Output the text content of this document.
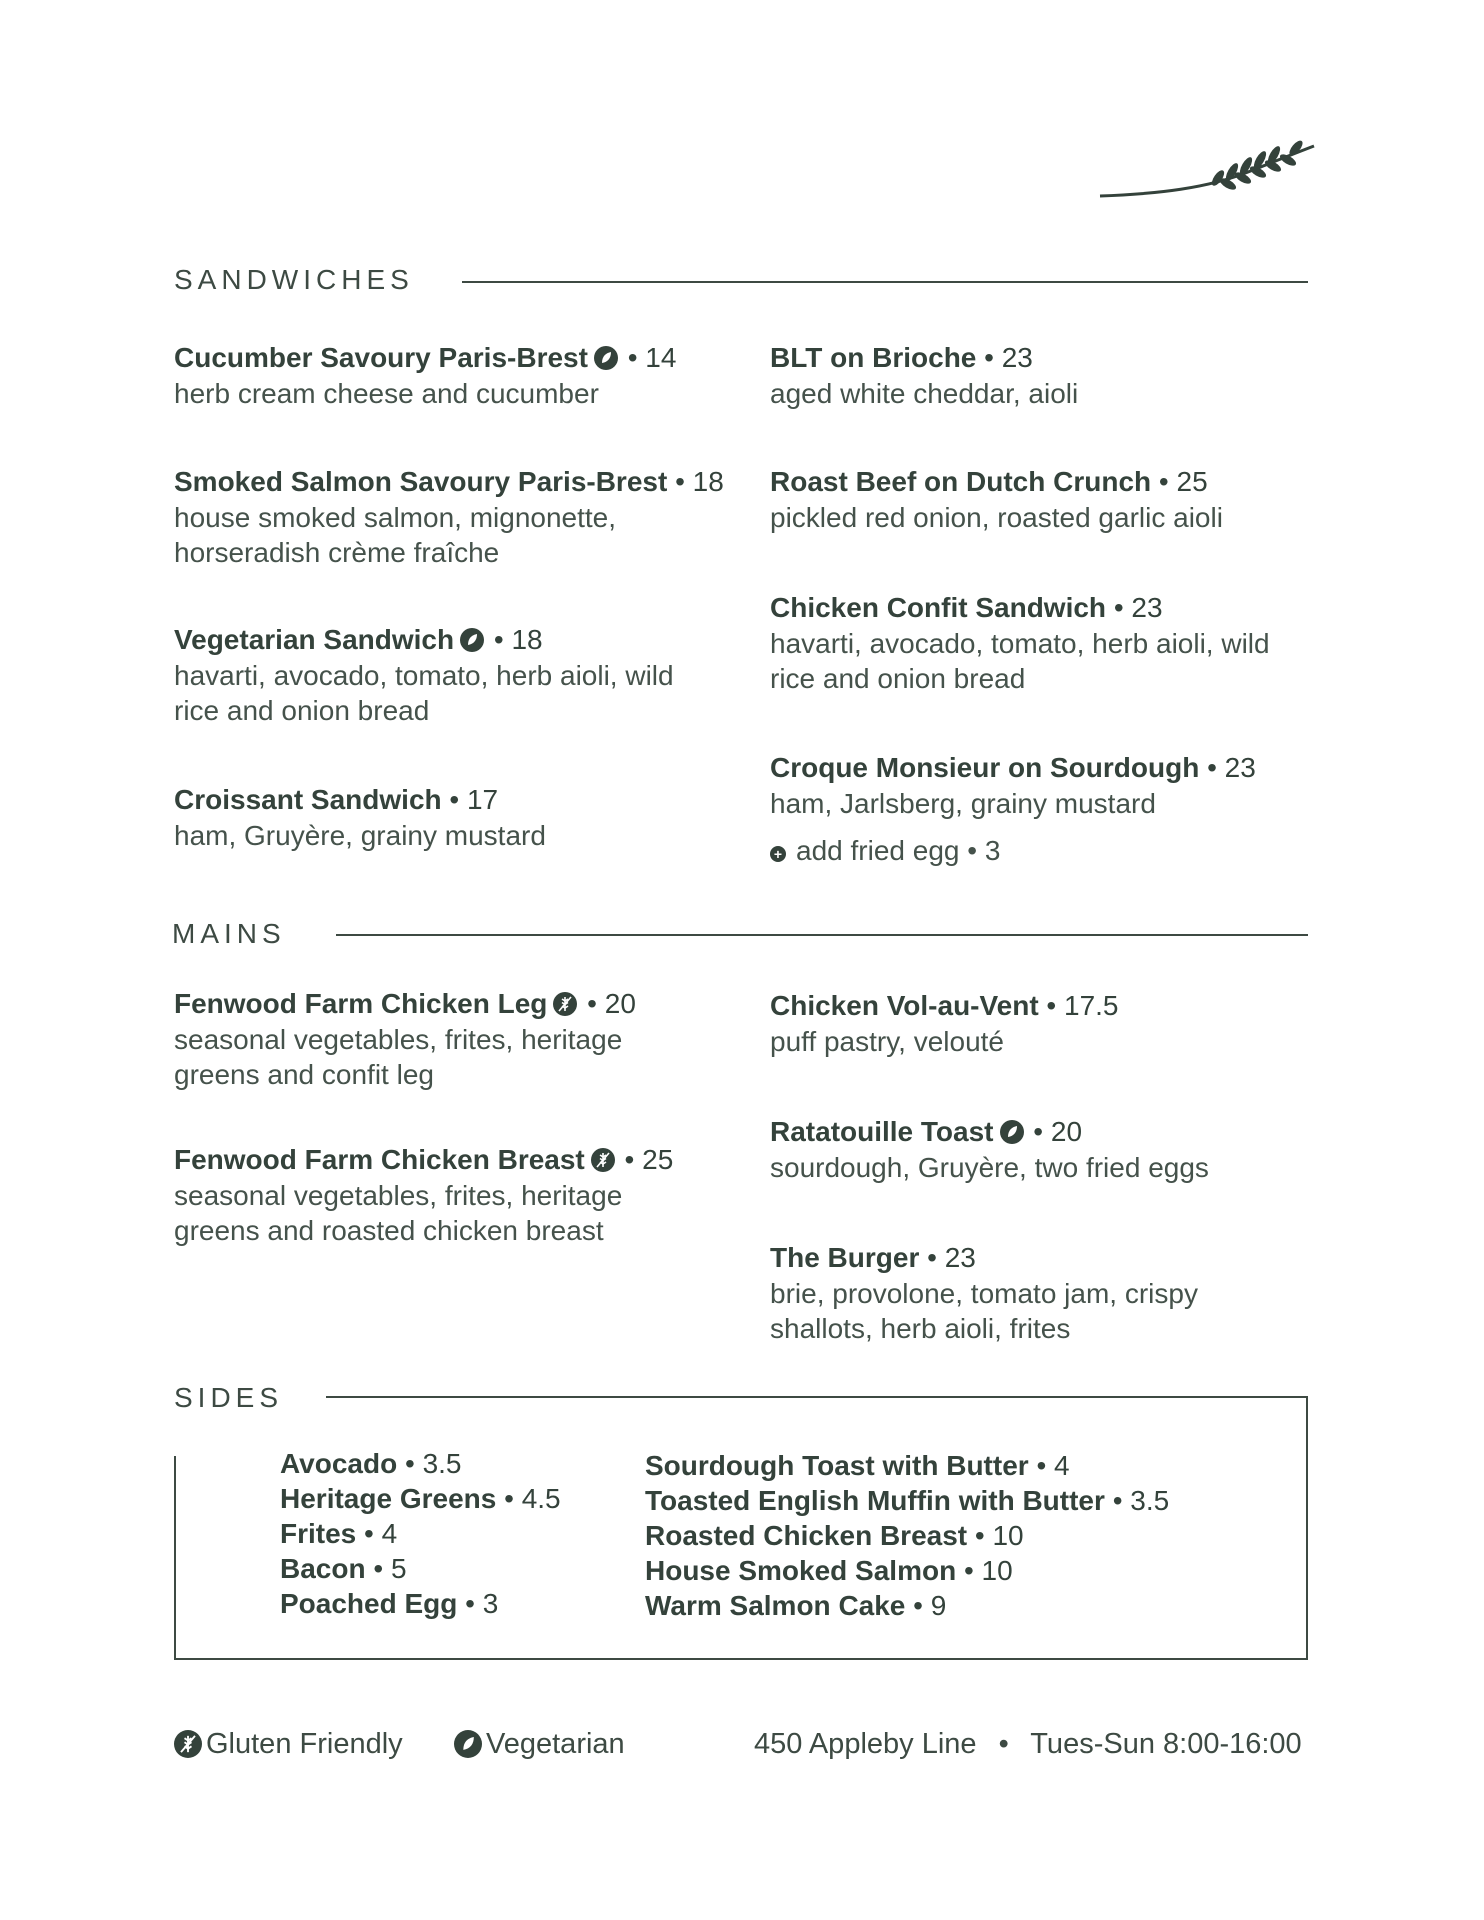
SANDWICHES
Cucumber Savoury Paris-Brest • 14
herb cream cheese and cucumber
Smoked Salmon Savoury Paris-Brest • 18
house smoked salmon, mignonette, horseradish crème fraîche
Vegetarian Sandwich • 18
havarti, avocado, tomato, herb aioli, wild rice and onion bread
Croissant Sandwich • 17
ham, Gruyère, grainy mustard
BLT on Brioche • 23
aged white cheddar, aioli
Roast Beef on Dutch Crunch • 25
pickled red onion, roasted garlic aioli
Chicken Confit Sandwich • 23
havarti, avocado, tomato, herb aioli, wild rice and onion bread
Croque Monsieur on Sourdough • 23
ham, Jarlsberg, grainy mustard
+ add fried egg • 3
MAINS
Fenwood Farm Chicken Leg • 20
seasonal vegetables, frites, heritage greens and confit leg
Fenwood Farm Chicken Breast • 25
seasonal vegetables, frites, heritage greens and roasted chicken breast
Chicken Vol-au-Vent • 17.5
puff pastry, velouté
Ratatouille Toast • 20
sourdough, Gruyère, two fried eggs
The Burger • 23
brie, provolone, tomato jam, crispy shallots, herb aioli, frites
SIDES
Avocado • 3.5
Heritage Greens • 4.5
Frites • 4
Bacon • 5
Poached Egg • 3
Sourdough Toast with Butter • 4
Toasted English Muffin with Butter • 3.5
Roasted Chicken Breast • 10
House Smoked Salmon • 10
Warm Salmon Cake • 9
Gluten Friendly	Vegetarian	450 Appleby Line • Tues-Sun 8:00-16:00
